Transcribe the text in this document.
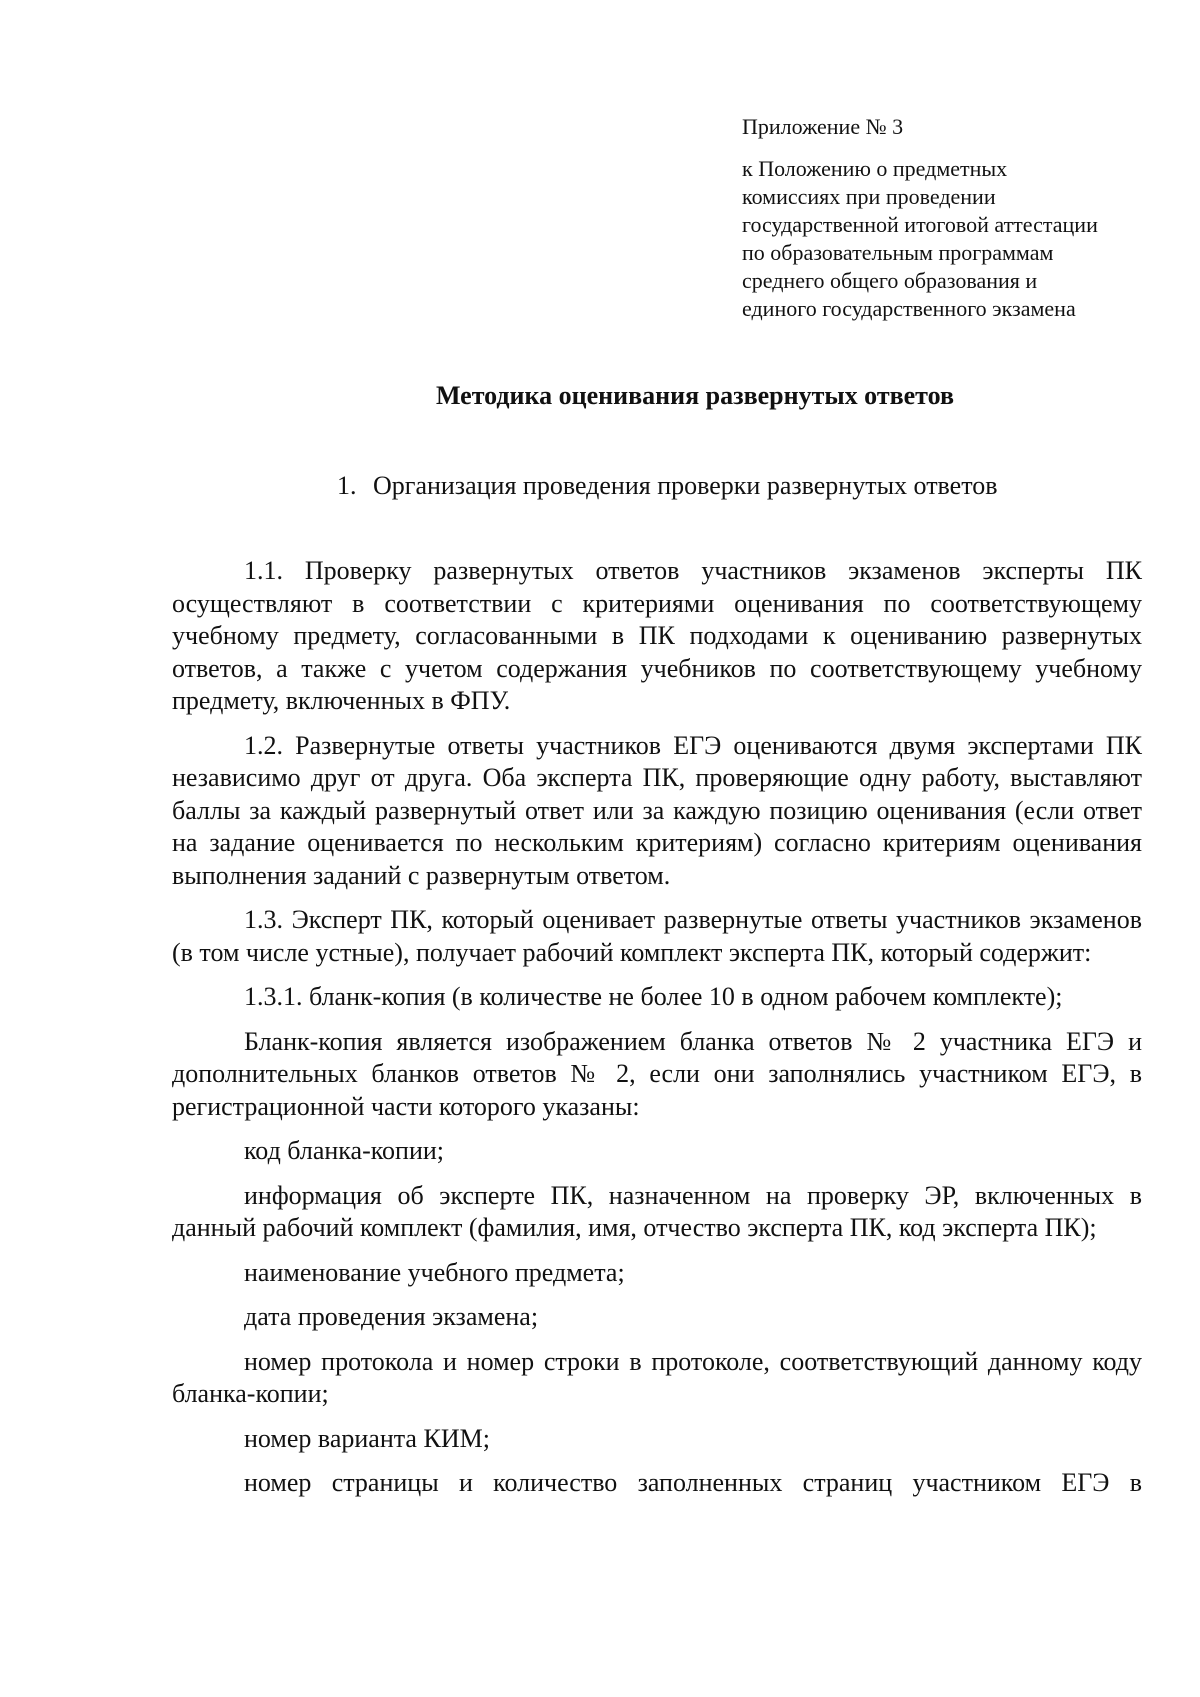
Приложение № 3
к Положению о предметных
комиссиях при проведении
государственной итоговой аттестации
по образовательным программам
среднего общего образования и
единого государственного экзамена
Методика оценивания развернутых ответов
1. Организация проведения проверки развернутых ответов

1.1. Проверку развернутых ответов участников экзаменов эксперты ПК осуществляют в соответствии с критериями оценивания по соответствующему учебному предмету, согласованными в ПК подходами к оцениванию развернутых ответов, а также с учетом содержания учебников по соответствующему учебному предмету, включенных в ФПУ.

1.2. Развернутые ответы участников ЕГЭ оцениваются двумя экспертами ПК независимо друг от друга. Оба эксперта ПК, проверяющие одну работу, выставляют баллы за каждый развернутый ответ или за каждую позицию оценивания (если ответ на задание оценивается по нескольким критериям) согласно критериям оценивания выполнения заданий с развернутым ответом.

1.3. Эксперт ПК, который оценивает развернутые ответы участников экзаменов (в том числе устные), получает рабочий комплект эксперта ПК, который содержит:

1.3.1. бланк-копия (в количестве не более 10 в одном рабочем комплекте);

Бланк-копия является изображением бланка ответов № 2 участника ЕГЭ и дополнительных бланков ответов № 2, если они заполнялись участником ЕГЭ, в регистрационной части которого указаны:

код бланка-копии;

информация об эксперте ПК, назначенном на проверку ЭР, включенных в данный рабочий комплект (фамилия, имя, отчество эксперта ПК, код эксперта ПК);

наименование учебного предмета;

дата проведения экзамена;

номер протокола и номер строки в протоколе, соответствующий данному коду бланка-копии;

номер варианта КИМ;

номер страницы и количество заполненных страниц участником ЕГЭ в
